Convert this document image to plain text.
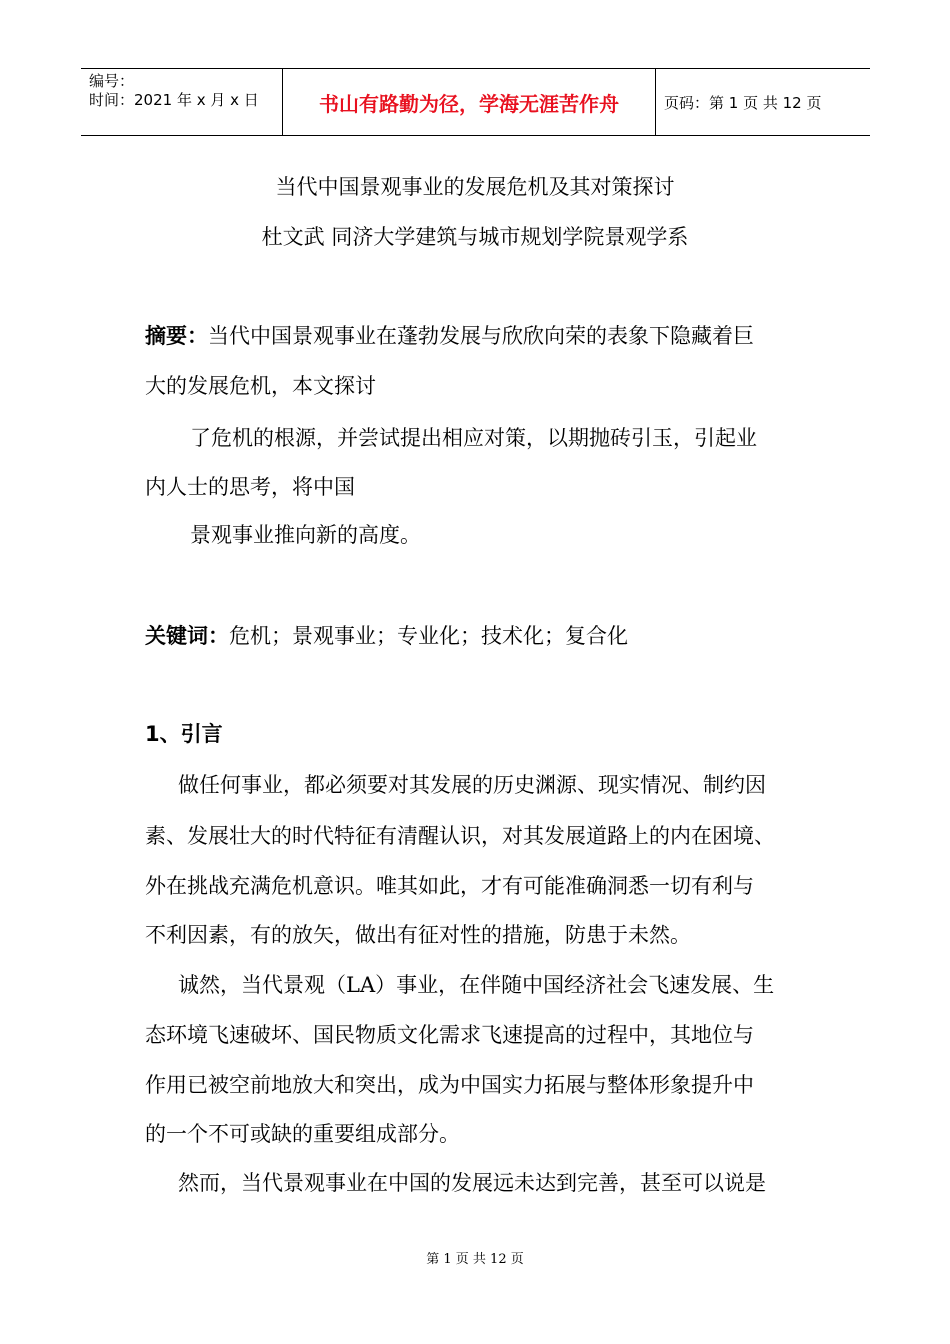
编号：
时间：2021 年 x 月 x 日	书山有路勤为径，学海无涯苦作舟	页码：第 1 页 共 12 页
当代中国景观事业的发展危机及其对策探讨
杜文武 同济大学建筑与城市规划学院景观学系
摘要：当代中国景观事业在蓬勃发展与欣欣向荣的表象下隐藏着巨
大的发展危机，本文探讨
了危机的根源，并尝试提出相应对策，以期抛砖引玉，引起业
内人士的思考，将中国
景观事业推向新的高度。
关键词：危机；景观事业；专业化；技术化；复合化
1、引言
做任何事业，都必须要对其发展的历史渊源、现实情况、制约因
素、发展壮大的时代特征有清醒认识，对其发展道路上的内在困境、
外在挑战充满危机意识。唯其如此，才有可能准确洞悉一切有利与
不利因素，有的放矢，做出有征对性的措施，防患于未然。
诚然，当代景观（LA）事业，在伴随中国经济社会飞速发展、生
态环境飞速破坏、国民物质文化需求飞速提高的过程中，其地位与
作用已被空前地放大和突出，成为中国实力拓展与整体形象提升中
的一个不可或缺的重要组成部分。
然而，当代景观事业在中国的发展远未达到完善，甚至可以说是
第 1 页 共 12 页
